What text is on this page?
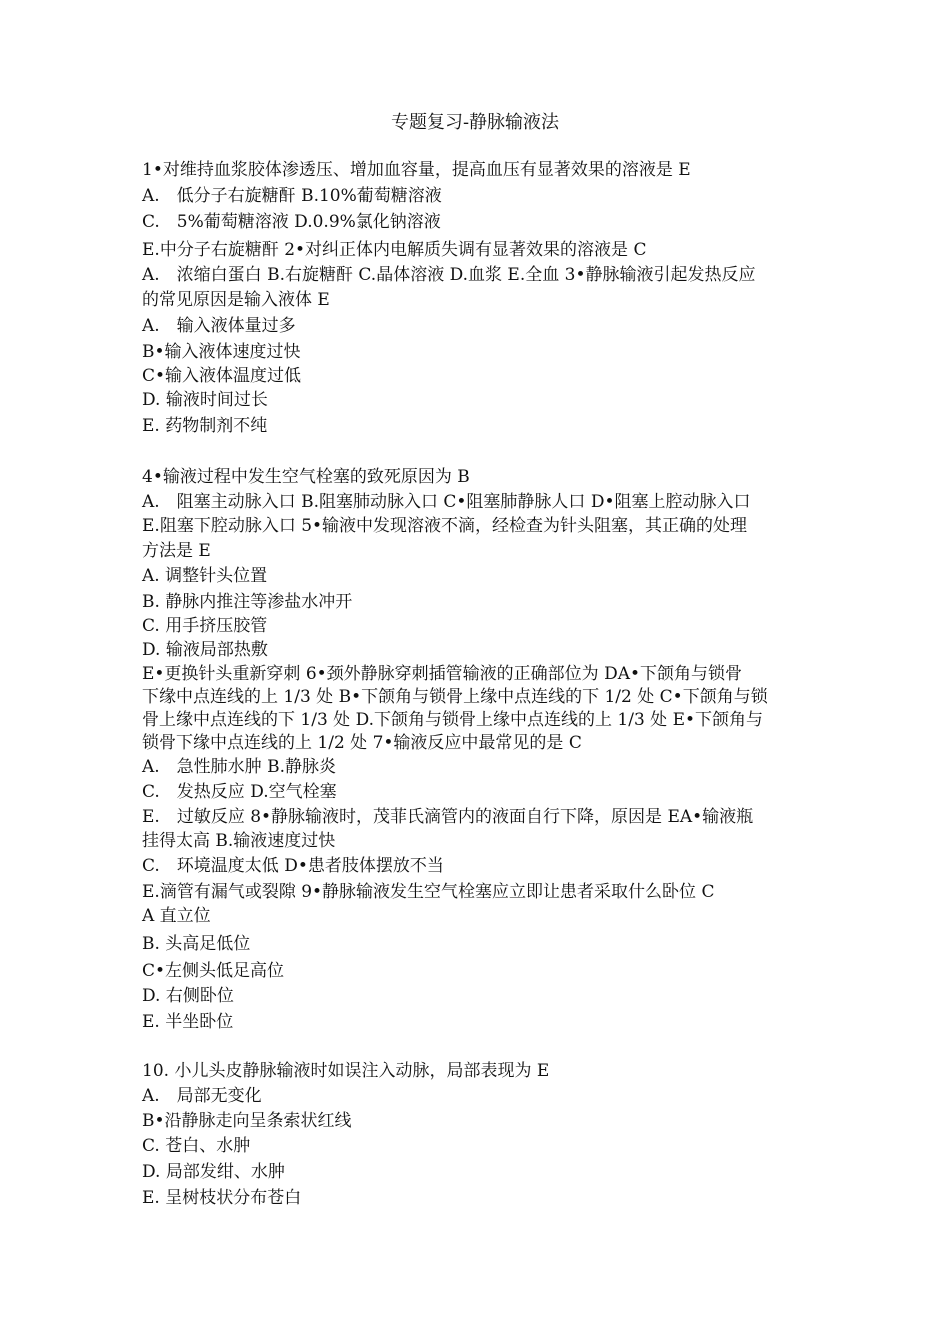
专题复习-静脉输液法
1•对维持血浆胶体渗透压、增加血容量，提高血压有显著效果的溶液是 E
A.　低分子右旋糖酐 B.10%葡萄糖溶液
C.　5%葡萄糖溶液 D.0.9%氯化钠溶液
E.中分子右旋糖酐 2•对纠正体内电解质失调有显著效果的溶液是 C
A.　浓缩白蛋白 B.右旋糖酐 C.晶体溶液 D.血浆 E.全血 3•静脉输液引起发热反应
的常见原因是输入液体 E
A.　输入液体量过多
B•输入液体速度过快
C•输入液体温度过低
D. 输液时间过长
E. 药物制剂不纯
4•输液过程中发生空气栓塞的致死原因为 B
A.　阻塞主动脉入口 B.阻塞肺动脉入口 C•阻塞肺静脉人口 D•阻塞上腔动脉入口
E.阻塞下腔动脉入口 5•输液中发现溶液不滴，经检查为针头阻塞，其正确的处理
方法是 E
A. 调整针头位置
B. 静脉内推注等渗盐水冲开
C. 用手挤压胶管
D. 输液局部热敷
E•更换针头重新穿刺 6•颈外静脉穿刺插管输液的正确部位为 DA•下颌角与锁骨
下缘中点连线的上 1/3 处 B•下颌角与锁骨上缘中点连线的下 1/2 处 C•下颌角与锁
骨上缘中点连线的下 1/3 处 D.下颌角与锁骨上缘中点连线的上 1/3 处 E•下颌角与
锁骨下缘中点连线的上 1/2 处 7•输液反应中最常见的是 C
A.　急性肺水肿 B.静脉炎
C.　发热反应 D.空气栓塞
E.　过敏反应 8•静脉输液时，茂菲氏滴管内的液面自行下降，原因是 EA•输液瓶
挂得太高 B.输液速度过快
C.　环境温度太低 D•患者肢体摆放不当
E.滴管有漏气或裂隙 9•静脉输液发生空气栓塞应立即让患者采取什么卧位 C
A 直立位
B. 头高足低位
C•左侧头低足高位
D. 右侧卧位
E. 半坐卧位
10. 小儿头皮静脉输液时如误注入动脉，局部表现为 E
A.　局部无变化
B•沿静脉走向呈条索状红线
C. 苍白、水肿
D. 局部发绀、水肿
E. 呈树枝状分布苍白
